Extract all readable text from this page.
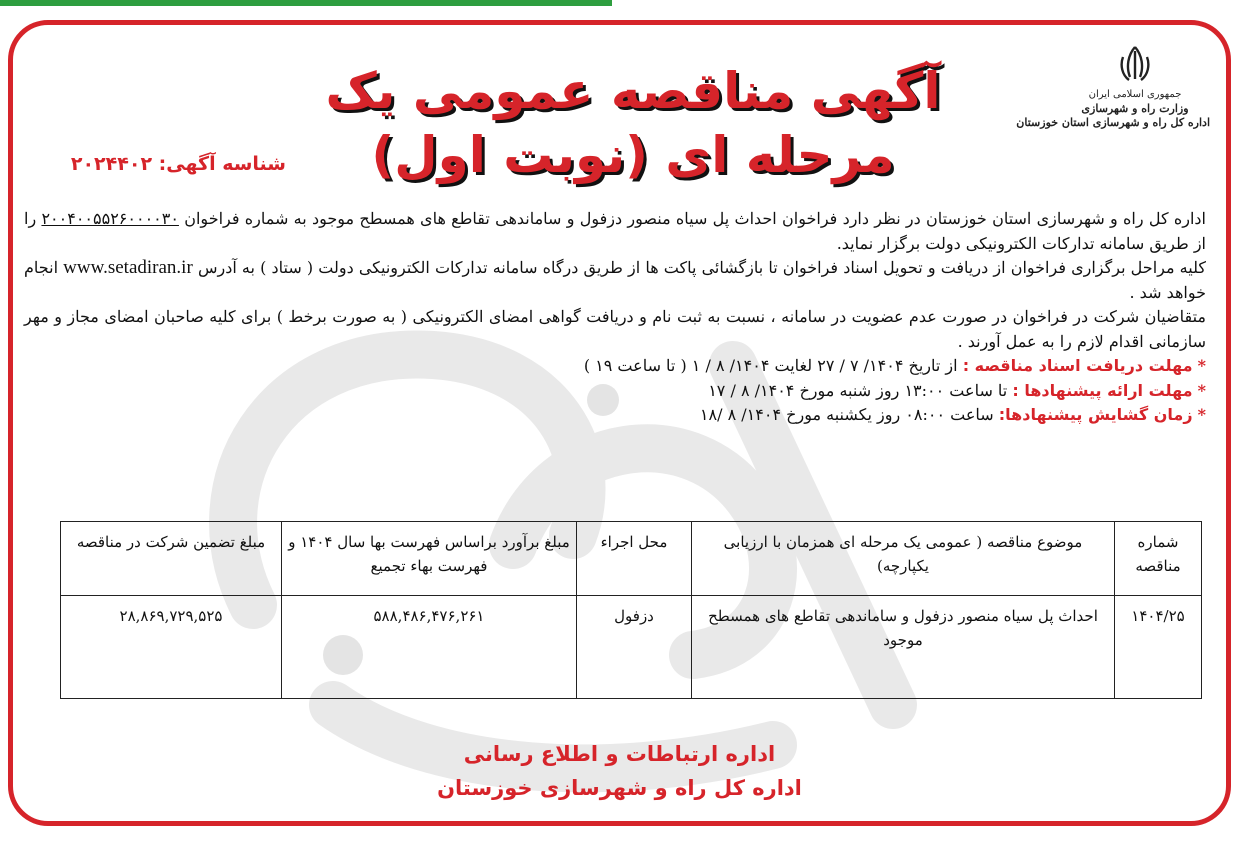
جمهوری اسلامی ایران
وزارت راه و شهرسازی
اداره کل راه و شهرسازی استان خوزستان
آگهی مناقصه عمومی یک مرحله ای (نوبت اول)
شناسه آگهی: ۲۰۲۴۴۰۲

اداره کل راه و شهرسازی استان خوزستان در نظر دارد فراخوان احداث پل سیاه منصور دزفول و ساماندهی تقاطع های همسطح موجود به شماره فراخوان ۲۰۰۴۰۰۵۵۲۶۰۰۰۰۳۰ را از طریق سامانه تدارکات الکترونیکی دولت برگزار نماید.

کلیه مراحل برگزاری فراخوان از دریافت و تحویل اسناد فراخوان تا بازگشائی پاکت ها از طریق درگاه سامانه تدارکات الکترونیکی دولت ( ستاد ) به آدرس www.setadiran.ir انجام خواهد شد .

متقاضیان شرکت در فراخوان در صورت عدم عضویت در سامانه ، نسبت به ثبت نام و دریافت گواهی امضای الکترونیکی ( به صورت برخط ) برای کلیه صاحبان امضای مجاز و مهر سازمانی اقدام لازم را به عمل آورند .

* مهلت دریافت اسناد مناقصه : از تاریخ ۱۴۰۴/ ۷ / ۲۷ لغایت ۱۴۰۴/ ۸ / ۱ ( تا ساعت ۱۹ )

* مهلت ارائه پیشنهادها : تا ساعت ۱۳:۰۰ روز شنبه مورخ ۱۴۰۴/ ۸ / ۱۷

* زمان گشایش پیشنهادها: ساعت ۰۸:۰۰ روز یکشنبه مورخ ۱۴۰۴/ ۸ /۱۸

شماره مناقصه	موضوع مناقصه ( عمومی یک مرحله ای همزمان با ارزیابی یکپارچه)	محل اجراء	مبلغ برآورد براساس فهرست بها سال ۱۴۰۴ و فهرست بهاء تجمیع	مبلغ تضمین شرکت در مناقصه
۱۴۰۴/۲۵	احداث پل سیاه منصور دزفول و ساماندهی تقاطع های همسطح موجود	دزفول	۵۸۸,۴۸۶,۴۷۶,۲۶۱	۲۸,۸۶۹,۷۲۹,۵۲۵
اداره ارتباطات و اطلاع رسانی
اداره کل راه و شهرسازی خوزستان
